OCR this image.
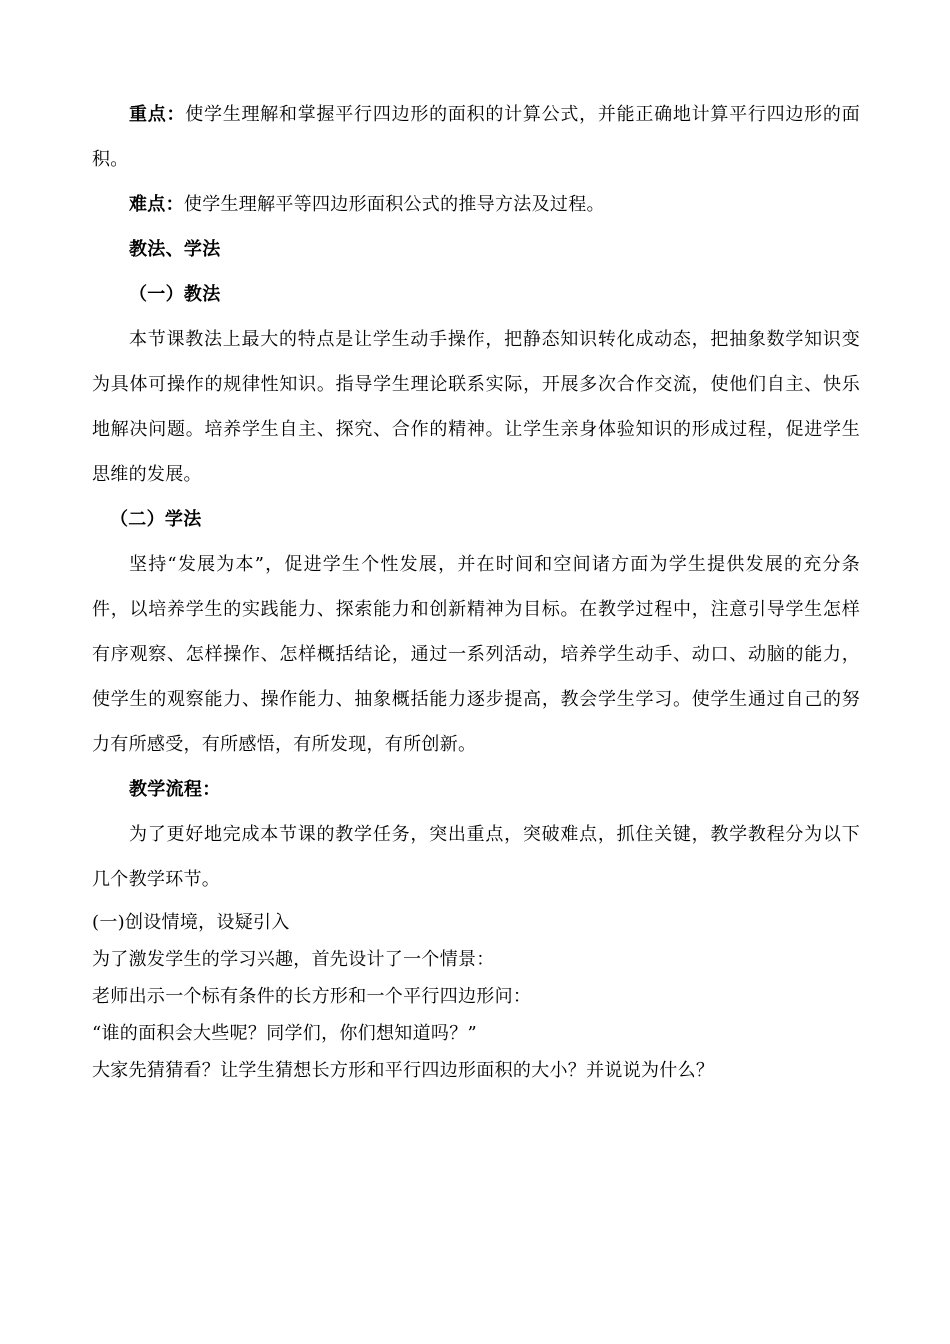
重点：使学生理解和掌握平行四边形的面积的计算公式，并能正确地计算平行四边形的面积。

难点：使学生理解平等四边形面积公式的推导方法及过程。

教法、学法

（一）教法

本节课教法上最大的特点是让学生动手操作，把静态知识转化成动态，把抽象数学知识变为具体可操作的规律性知识。指导学生理论联系实际，开展多次合作交流，使他们自主、快乐地解决问题。培养学生自主、探究、合作的精神。让学生亲身体验知识的形成过程，促进学生思维的发展。

（二）学法

坚持“发展为本”，促进学生个性发展，并在时间和空间诸方面为学生提供发展的充分条件，以培养学生的实践能力、探索能力和创新精神为目标。在教学过程中，注意引导学生怎样有序观察、怎样操作、怎样概括结论，通过一系列活动，培养学生动手、动口、动脑的能力，使学生的观察能力、操作能力、抽象概括能力逐步提高，教会学生学习。使学生通过自己的努力有所感受，有所感悟，有所发现，有所创新。

教学流程：

为了更好地完成本节课的教学任务，突出重点，突破难点，抓住关键，教学教程分为以下几个教学环节。

(一)创设情境，设疑引入

为了激发学生的学习兴趣，首先设计了一个情景：

老师出示一个标有条件的长方形和一个平行四边形问：

“谁的面积会大些呢？同学们，你们想知道吗？”

大家先猜猜看？让学生猜想长方形和平行四边形面积的大小？并说说为什么？
